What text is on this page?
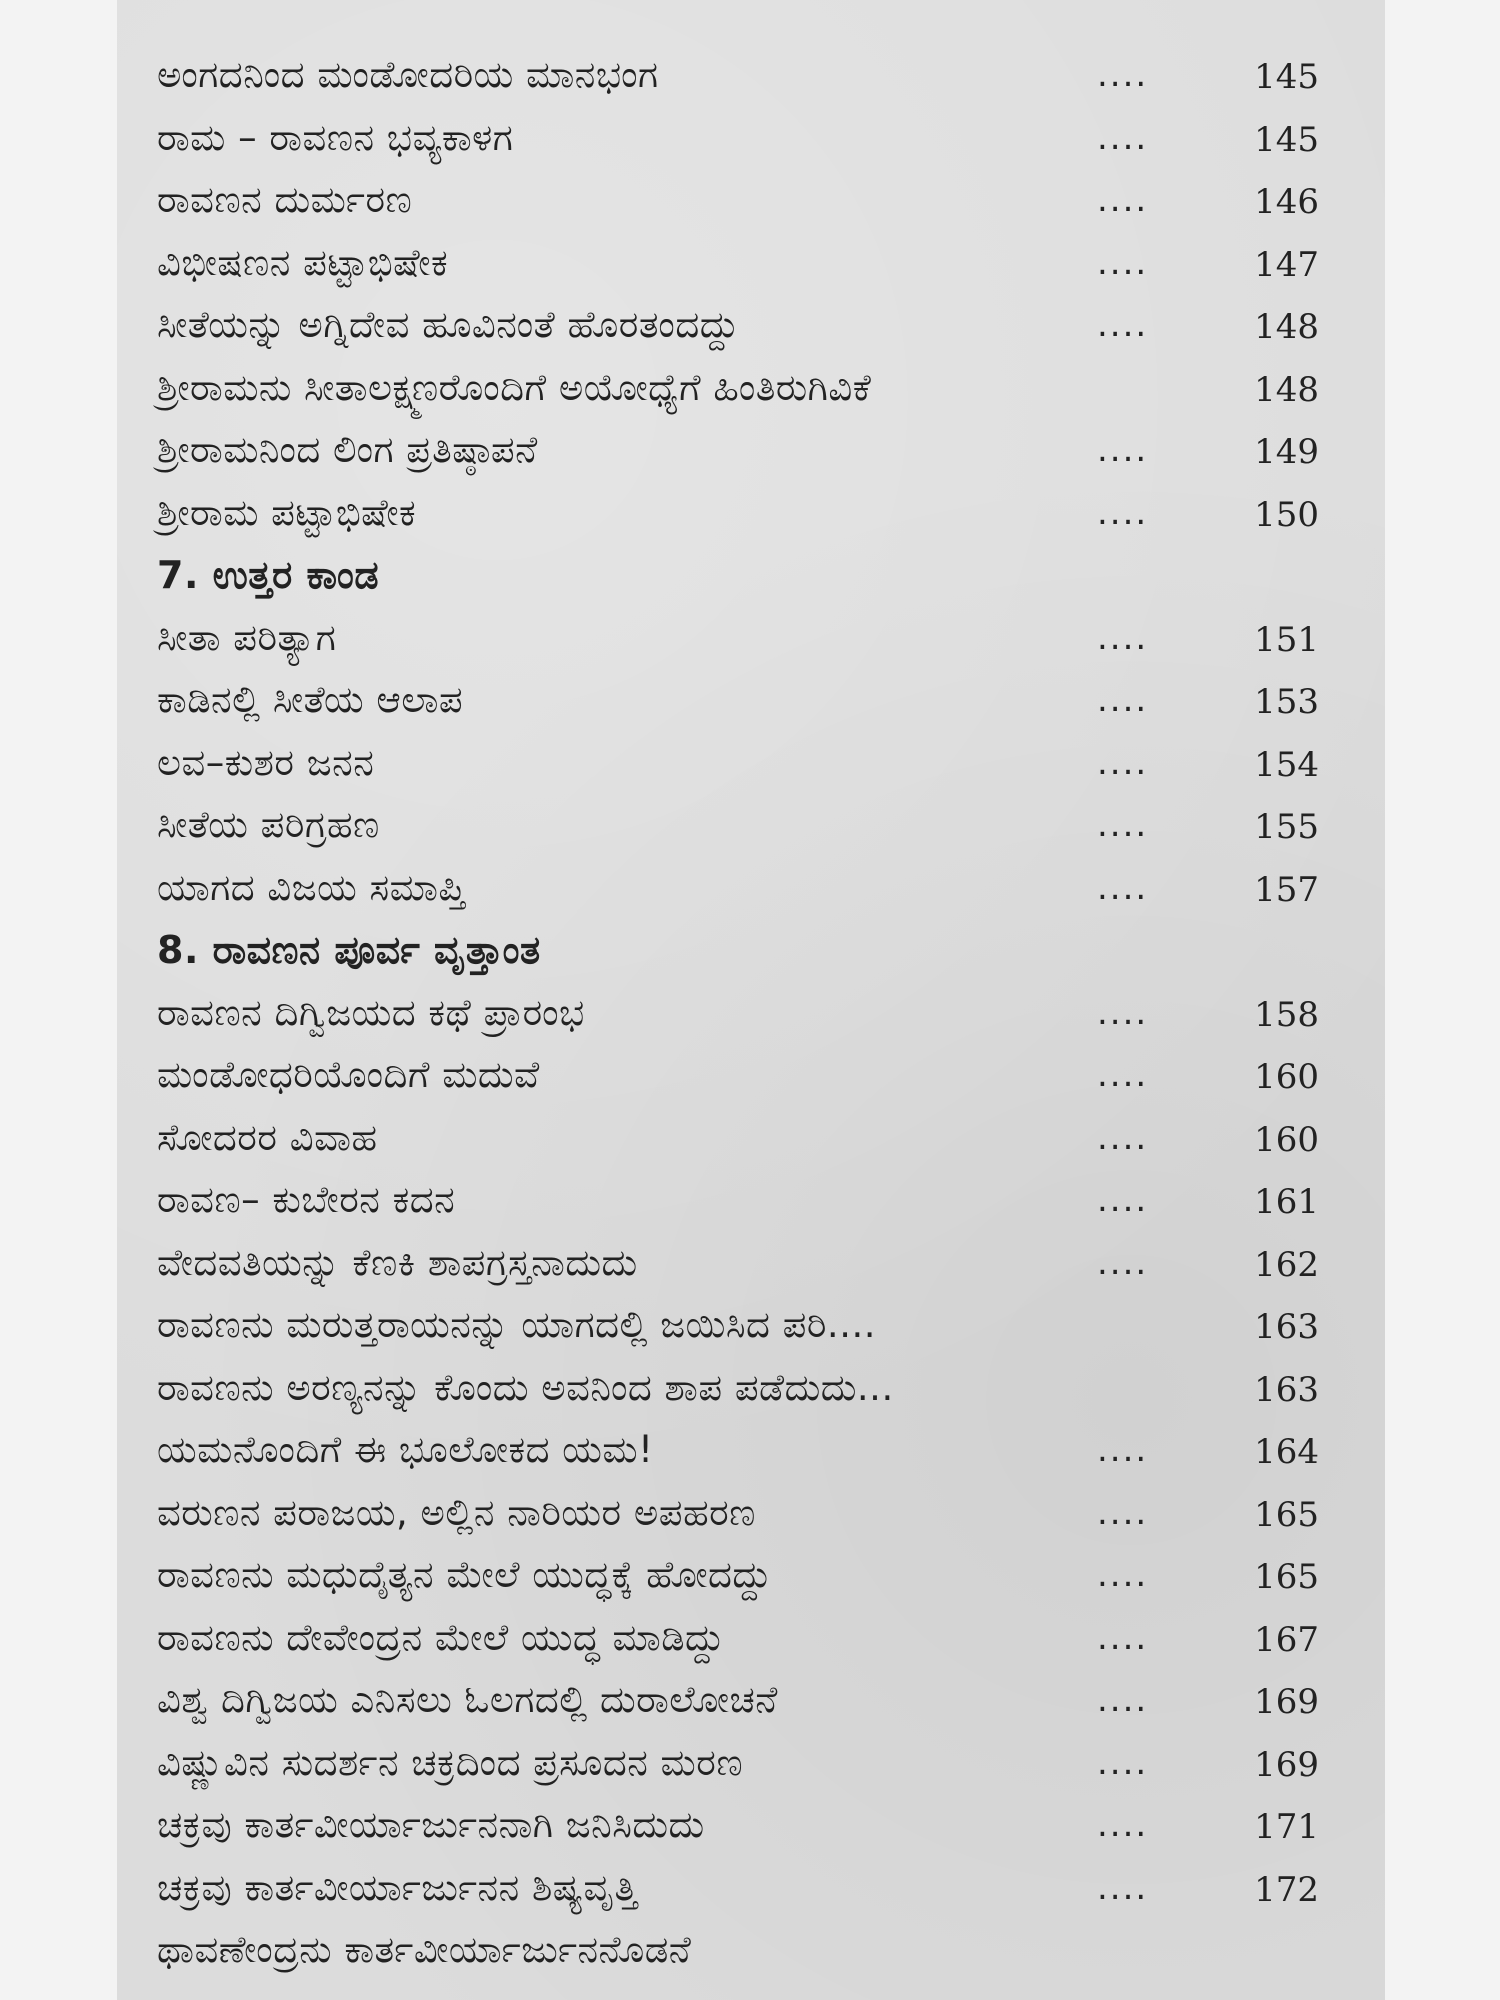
ಅಂಗದನಿಂದ ಮಂಡೋದರಿಯ ಮಾನಭಂಗ	....	145
ರಾಮ – ರಾವಣನ ಭವ್ಯಕಾಳಗ	....	145
ರಾವಣನ ದುರ್ಮರಣ	....	146
ವಿಭೀಷಣನ ಪಟ್ಟಾಭಿಷೇಕ	....	147
ಸೀತೆಯನ್ನು ಅಗ್ನಿದೇವ ಹೂವಿನಂತೆ ಹೊರತಂದದ್ದು	....	148
ಶ್ರೀರಾಮನು ಸೀತಾಲಕ್ಷ್ಮಣರೊಂದಿಗೆ ಅಯೋಧ್ಯೆಗೆ ಹಿಂತಿರುಗಿವಿಕೆ	148
ಶ್ರೀರಾಮನಿಂದ ಲಿಂಗ ಪ್ರತಿಷ್ಠಾಪನೆ	....	149
ಶ್ರೀರಾಮ ಪಟ್ಟಾಭಿಷೇಕ	....	150
7. ಉತ್ತರ ಕಾಂಡ
ಸೀತಾ ಪರಿತ್ಯಾಗ	....	151
ಕಾಡಿನಲ್ಲಿ ಸೀತೆಯ ಆಲಾಪ	....	153
ಲವ–ಕುಶರ ಜನನ	....	154
ಸೀತೆಯ ಪರಿಗ್ರಹಣ	....	155
ಯಾಗದ ವಿಜಯ ಸಮಾಪ್ತಿ	....	157
8. ರಾವಣನ ಪೂರ್ವ ವೃತ್ತಾಂತ
ರಾವಣನ ದಿಗ್ವಿಜಯದ ಕಥೆ ಪ್ರಾರಂಭ	....	158
ಮಂಡೋಧರಿಯೊಂದಿಗೆ ಮದುವೆ	....	160
ಸೋದರರ ವಿವಾಹ	....	160
ರಾವಣ– ಕುಬೇರನ ಕದನ	....	161
ವೇದವತಿಯನ್ನು ಕೆಣಕಿ ಶಾಪಗ್ರಸ್ತನಾದುದು	....	162
ರಾವಣನು ಮರುತ್ತರಾಯನನ್ನು ಯಾಗದಲ್ಲಿ ಜಯಿಸಿದ ಪರಿ....	163
ರಾವಣನು ಅರಣ್ಯನನ್ನು ಕೊಂದು ಅವನಿಂದ ಶಾಪ ಪಡೆದುದು...	163
ಯಮನೊಂದಿಗೆ ಈ ಭೂಲೋಕದ ಯಮ!	....	164
ವರುಣನ ಪರಾಜಯ, ಅಲ್ಲಿನ ನಾರಿಯರ ಅಪಹರಣ	....	165
ರಾವಣನು ಮಧುದೈತ್ಯನ ಮೇಲೆ ಯುದ್ಧಕ್ಕೆ ಹೋದದ್ದು	....	165
ರಾವಣನು ದೇವೇಂದ್ರನ ಮೇಲೆ ಯುದ್ಧ ಮಾಡಿದ್ದು	....	167
ವಿಶ್ವ ದಿಗ್ವಿಜಯ ಎನಿಸಲು ಓಲಗದಲ್ಲಿ ದುರಾಲೋಚನೆ	....	169
ವಿಷ್ಣುವಿನ ಸುದರ್ಶನ ಚಕ್ರದಿಂದ ಪ್ರಸೂದನ ಮರಣ	....	169
ಚಕ್ರವು ಕಾರ್ತವೀರ್ಯಾರ್ಜುನನಾಗಿ ಜನಿಸಿದುದು	....	171
ಚಕ್ರವು ಕಾರ್ತವೀರ್ಯಾರ್ಜುನನ ಶಿಷ್ಯವೃತ್ತಿ	....	172
ಥಾವಣೇಂದ್ರನು ಕಾರ್ತವೀರ್ಯಾರ್ಜುನನೊಡನೆ
